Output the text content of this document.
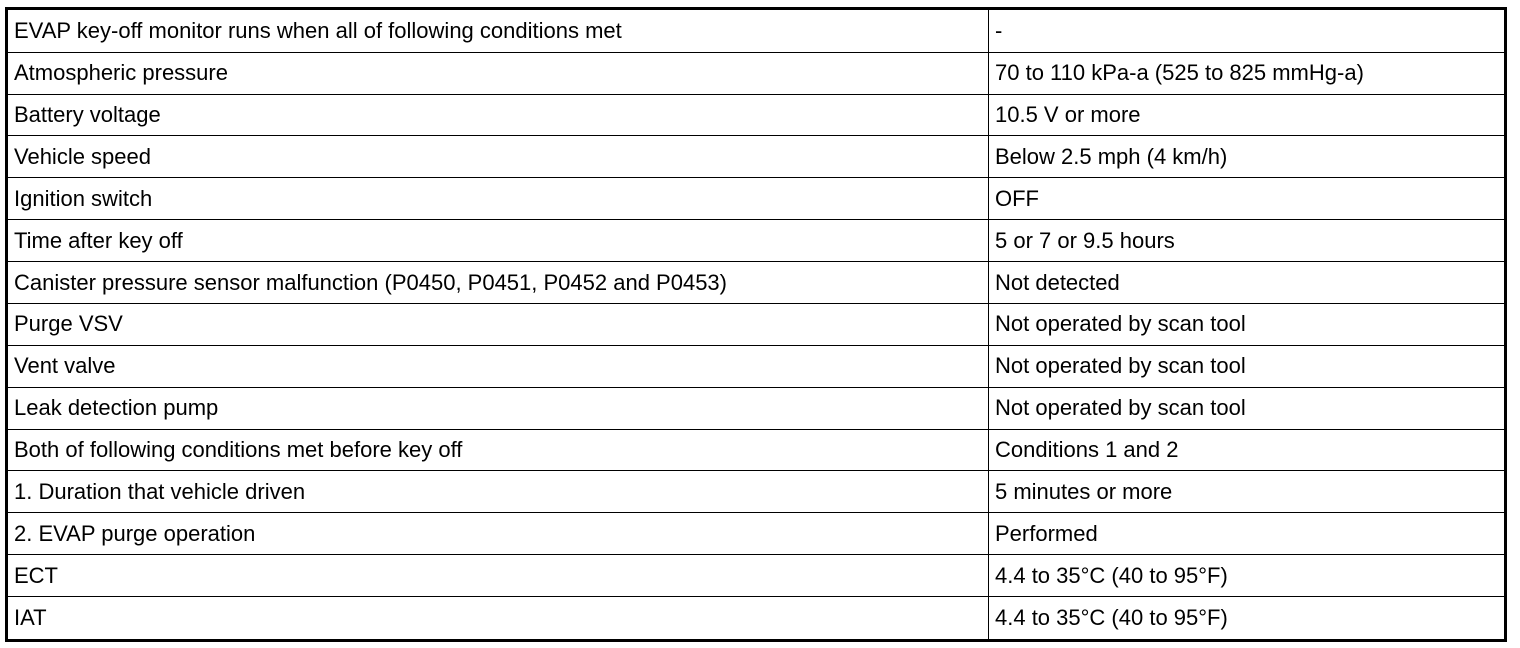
EVAP key-off monitor runs when all of following conditions met	-
Atmospheric pressure	70 to 110 kPa-a (525 to 825 mmHg-a)
Battery voltage	10.5 V or more
Vehicle speed	Below 2.5 mph (4 km/h)
Ignition switch	OFF
Time after key off	5 or 7 or 9.5 hours
Canister pressure sensor malfunction (P0450, P0451, P0452 and P0453)	Not detected
Purge VSV	Not operated by scan tool
Vent valve	Not operated by scan tool
Leak detection pump	Not operated by scan tool
Both of following conditions met before key off	Conditions 1 and 2
1. Duration that vehicle driven	5 minutes or more
2. EVAP purge operation	Performed
ECT	4.4 to 35°C (40 to 95°F)
IAT	4.4 to 35°C (40 to 95°F)
